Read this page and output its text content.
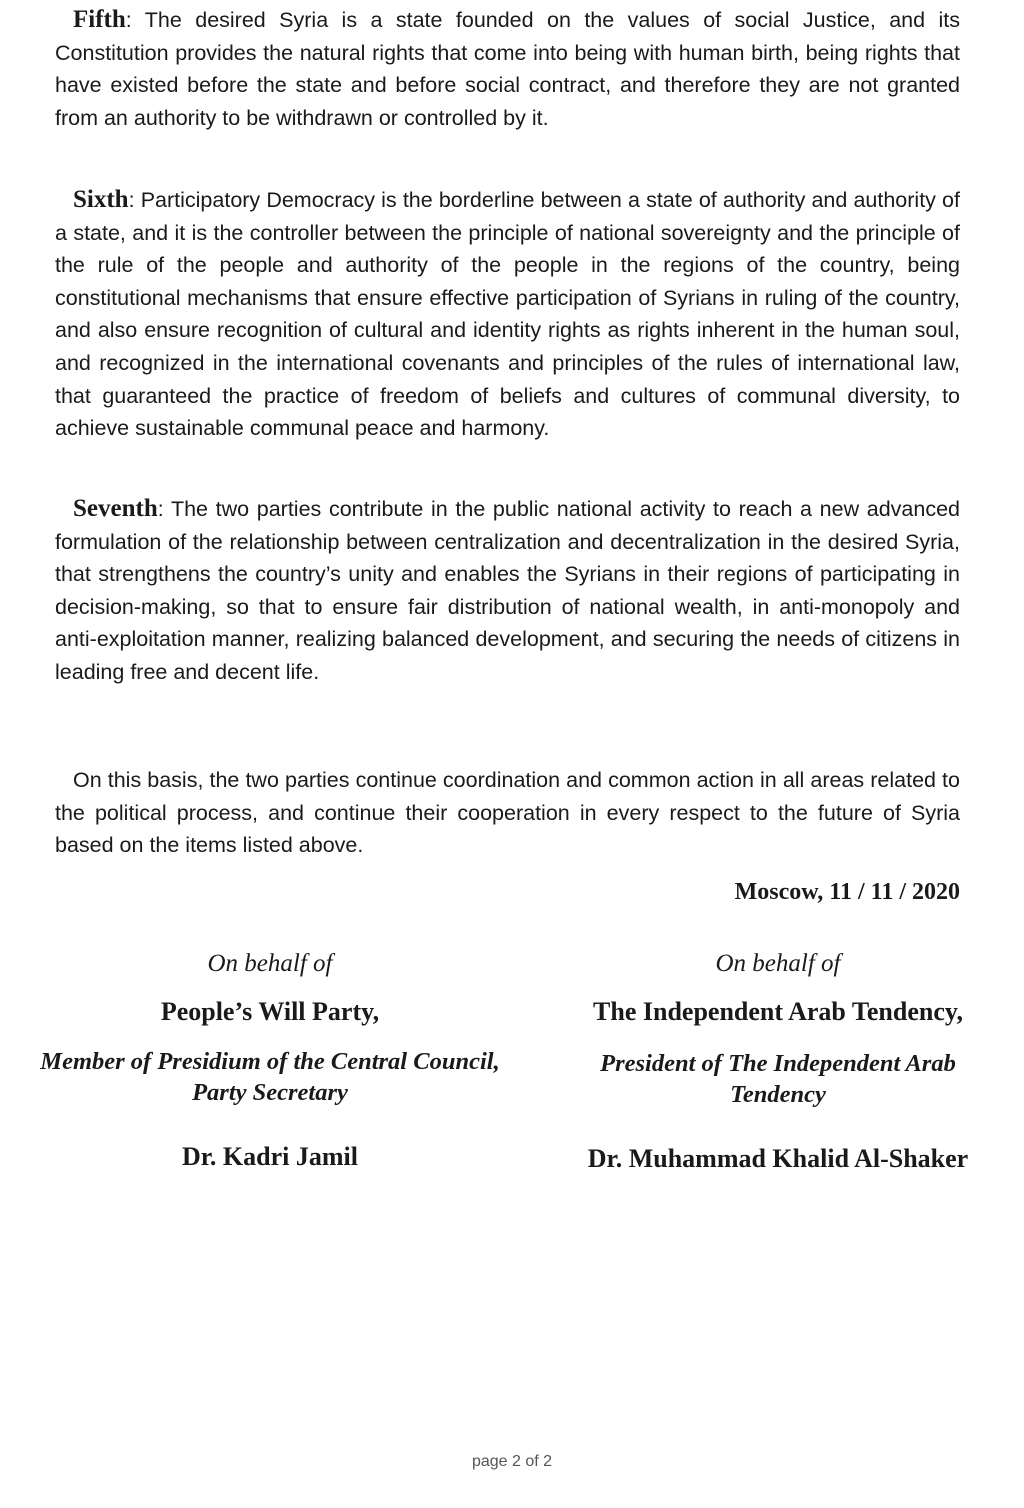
Fifth: The desired Syria is a state founded on the values of social Justice, and its Constitution provides the natural rights that come into being with human birth, being rights that have existed before the state and before social contract, and therefore they are not granted from an authority to be withdrawn or controlled by it.

Sixth: Participatory Democracy is the borderline between a state of authority and authority of a state, and it is the controller between the principle of national sovereignty and the principle of the rule of the people and authority of the people in the regions of the country, being constitutional mechanisms that ensure effective participation of Syrians in ruling of the country, and also ensure recognition of cultural and identity rights as rights inherent in the human soul, and recognized in the international covenants and principles of the rules of international law, that guaranteed the practice of freedom of beliefs and cultures of communal diversity, to achieve sustainable communal peace and harmony.

Seventh: The two parties contribute in the public national activity to reach a new advanced formulation of the relationship between centralization and decentralization in the desired Syria, that strengthens the country’s unity and enables the Syrians in their regions of participating in decision-making, so that to ensure fair distribution of national wealth, in anti-monopoly and anti-exploitation manner, realizing balanced development, and securing the needs of citizens in leading free and decent life.

On this basis, the two parties continue coordination and common action in all areas related to the political process, and continue their cooperation in every respect to the future of Syria based on the items listed above.

Moscow, 11 / 11 / 2020
On behalf of
People’s Will Party,
Member of Presidium of the Central Council,
Party Secretary
Dr. Kadri Jamil
On behalf of
The Independent Arab Tendency,
President of The Independent Arab
Tendency
Dr. Muhammad Khalid Al-Shaker
page 2 of 2
